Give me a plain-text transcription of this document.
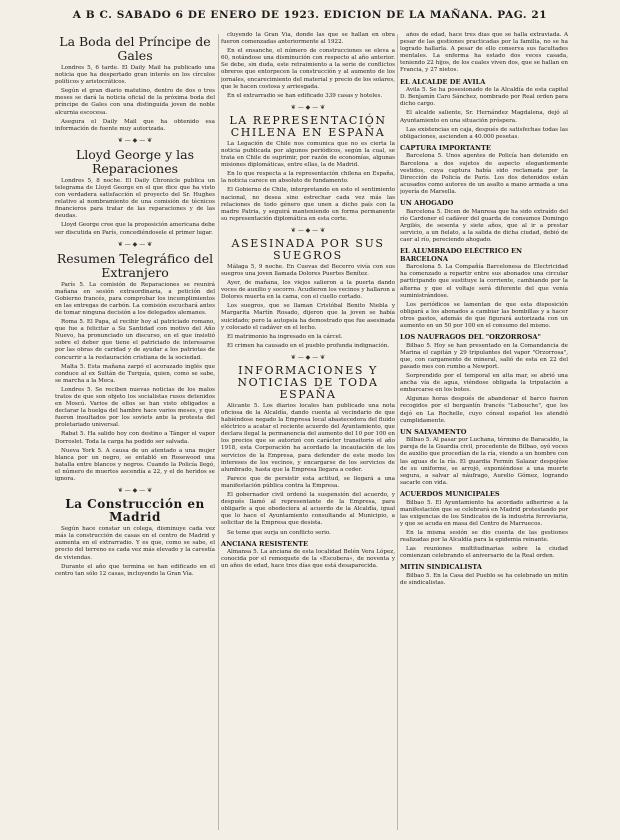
A B C. SABADO 6 DE ENERO DE 1923. EDICION DE LA MAÑANA. PAG. 21
La Boda del Príncipe de Gales

Londres 5, 6 tarde. El Daily Mail ha publicado una noticia que ha despertado gran interés en los círculos políticos y aristocráticos.

Según el gran diario matutino, dentro de dos o tres meses se dará la noticia oficial de la próxima boda del príncipe de Gales con una distinguida joven de noble alcurnia escocesa.

Asegura el Daily Mail que ha obtenido esa información de fuente muy autorizada.

❦ — ◆ — ❦
Lloyd George y las Reparaciones

Londres 5, 8 noche. El Daily Chronicle publica un telegrama de Lloyd George en el que dice que ha visto con verdadera satisfacción el proyecto del Sr. Hughes relativo al nombramiento de una comisión de técnicos financieros para tratar de las reparaciones y de las deudas.

Lloyd George cree que la proposición americana debe ser discutida en París, concediéndosele el primer lugar.

❦ — ◆ — ❦
Resumen Telegráfico del Extranjero

París 5. La comisión de Reparaciones se reunirá mañana en sesión extraordinaria, a petición del Gobierno francés, para comprobar los incumplimientos en las entregas de carbón. La comisión escuchará antes de tomar ninguna decisión a los delegados alemanes.

Roma 5. El Papa, al recibir hoy al patriciado romano, que fue a felicitar a Su Santidad con motivo del Año Nuevo, ha pronunciado un discurso, en el que insistió sobre el deber que tiene el patriciado de interesarse por las obras de caridad y de ayudar a los patriotas de concurrir a la restauración cristiana de la sociedad.

Malta 5. Esta mañana zarpó el acorazado inglés que conduce al ex Sultán de Turquía, quien, como se sabe, se marcha a la Meca.

Londres 5. Se reciben nuevas noticias de los malos tratos de que son objeto los socialistas rusos detenidos en Moscú. Varios de ellos se han visto obligados a declarar la huelga del hambre hace varios meses, y que fueron insultados por los soviets ante la protesta del proletariado universal.

Rabat 5. Ha salido hoy con destino a Tánger el vapor Dorroslet. Toda la carga ha podido ser salvada.

Nueva York 5. A causa de un atentado a una mujer blanca por un negro, se entabló en Rosewood una batalla entre blancos y negros. Cuando la Policía llegó, el número de muertos ascendía a 22, y el de heridos se ignora.

❦ — ◆ — ❦
La Construcción en Madrid

Según hace constar un colega, disminuye cada vez más la construcción de casas en el centro de Madrid y aumenta en el extrarradio. Y es que, como se sabe, el precio del terreno es cada vez más elevado y la carestía de viviendas.

Durante el año que termina se han edificado en el centro tan sólo 12 casas, incluyendo la Gran Vía.

cluyendo la Gran Vía, donde las que se hallan en obra fueron comenzadas anteriormente al 1922.

En el ensanche, el número de construcciones se eleva a 60, notándose una disminución con respecto al año anterior. Se debe, sin duda, este retraimiento a la serie de conflictos obreros que entorpecen la construcción y al aumento de los jornales, encarecimiento del material y precio de los solares, que le hacen costosa y arriesgada.

En el extrarradio se han edificado 339 casas y hoteles.

❦ — ◆ — ❦
LA REPRESENTACIÓN CHILENA EN ESPAÑA

La Legación de Chile nos comunica que no es cierta la noticia publicada por algunos periódicos, según la cual, se trata en Chile de suprimir, por razón de economías, algunas misiones diplomáticas, entre ellas, la de Madrid.

En lo que respecta a la representación chilena en España, la noticia carece en absoluto de fundamento.

El Gobierno de Chile, interpretando en esto el sentimiento nacional, no desea sino estrechar cada vez más las relaciones de todo género que unen a dicho país con la madre Patria, y seguirá manteniendo en forma permanente su representación diplomática en esta corte.

❦ — ◆ — ❦
ASESINADA POR SUS SUEGROS

Málaga 5, 9 noche. En Cuevas del Becerro vivía con sus suegros una joven llamada Dolores Puertes Benítez.

Ayer, de mañana, los viejos salieron a la puerta dando voces de auxilio y socorro. Acudieron los vecinos y hallaron a Dolores muerta en la cama, con el cuello cortado.

Los suegros, que se llaman Cristóbal Benito Niebla y Margarita Martín Rosado, dijeron que la joven se había suicidado; pero la autopsia ha demostrado que fue asesinada y colocado el cadáver en el lecho.

El matrimonio ha ingresado en la cárcel.

El crimen ha causado en el pueblo profunda indignación.

❦ — ◆ — ❦
INFORMACIONES Y NOTICIAS DE TODA ESPAÑA

Alicante 5. Los diarios locales han publicado una nota oficiosa de la Alcaldía, dando cuenta al vecindario de que habiéndose negado la Empresa local abastecedora del fluido eléctrico a acatar el reciente acuerdo del Ayuntamiento, que declara ilegal la permanencia del aumento del 10 por 100 en los precios que se autorizó con carácter transitorio el año 1918, esta Corporación ha acordado la incautación de los servicios de la Empresa, para defender de este modo los intereses de los vecinos, y encargarse de los servicios de alumbrado, hasta que la Empresa llegara a ceder.

Parece que de persistir esta actitud, se llegará a una manifestación pública contra la Empresa.

El gobernador civil ordenó la suspensión del acuerdo, y después llamó al representante de la Empresa, para obligarle a que obedeciera al acuerdo de la Alcaldía, igual que lo hace el Ayuntamiento consultando al Municipio, a solicitar de la Empresa que desista.

Se teme que surja un conflicto serio.

ANCIANA RESISTENTE

Almansa 5. La anciana de esta localidad Belén Vera López, conocida por el remoquete de la «Escobera», de noventa y un años de edad, hace tres días que está desaparecida.

años de edad, hace tres días que se halla extraviada. A pesar de las gestiones practicadas por la familia, no se ha logrado hallarla. A pesar de ello conserva sus facultades mentales. La enferma ha estado dos veces casada, teniendo 22 hijos, de los cuales viven dos, que se hallan en Francia, y 27 nietos.

EL ALCALDE DE AVILA

Avila 5. Se ha posesionado de la Alcaldía de esta capital D. Benjamín Caro Sánchez, nombrado por Real orden para dicho cargo.

El alcalde saliente, Sr. Hernández Magdalena, dejó al Ayuntamiento en una situación próspera.

Las existencias en caja, después de satisfechas todas las obligaciones, ascienden a 40.000 pesetas.

CAPTURA IMPORTANTE

Barcelona 5. Unos agentes de Policía han detenido en Barcelona a dos sujetos de aspecto elegantemente vestidos, cuya captura había sido reclamada por la Dirección de Policía de París. Los dos detenidos están acusados como autores de un asalto a mano armada a una joyería de Marsella.

UN AHOGADO

Barcelona 5. Dicen de Manresa que ha sido extraído del río Cardoner el cadáver del guarda de consumos Domingo Argilés, de sesenta y siete años, que al ir a prestar servicio, a un fielato, a la salida de dicha ciudad, debió de caer al río, pereciendo ahogado.

EL ALUMBRADO ELÉCTRICO EN BARCELONA

Barcelona 5. La Compañía Barcelonesa de Electricidad ha comenzado a repartir entre sus abonados una circular participando que sustituye la corriente, cambiando por la alterna y que el voltaje será diferente del que venía suministrándose.

Los periódicos se lamentan de que esta disposición obligará a los abonados a cambiar las bombillas y a hacer otros gastos, además de que figurará autorizada con un aumento en un 50 por 100 en el consumo del mismo.

LOS NAUFRAGOS DEL "ORZORROSA"

Bilbao 5. Hoy se han presentado en la Comandancia de Marina el capitán y 29 tripulantes del vapor "Orzorrosa", que, con cargamento de mineral, salió de esta en 22 del pasado mes con rumbo a Newport.

Sorprendido por el temporal en alta mar, se abrió una ancha vía de agua, viéndose obligada la tripulación a embarcarse en los botes.

Algunas horas después de abandonar el barco fueron recogidos por el bergantín francés "Lebouche", que los dejó en La Rochelle, cuyo cónsul español les atendió cumplidamente.

UN SALVAMENTO

Bilbao 5. Al pasar por Luchana, término de Baracaldo, la pareja de la Guardia civil, procedente de Bilbao, oyó voces de auxilio que procedían de la ría, viendo a un hombre con las aguas de la ría. El guardia Fermín Salazar despojóse de su uniforme, se arrojó, exponiéndose a una muerte segura, a salvar al náufrago, Aurelio Gómez, logrando sacarle con vida.

ACUERDOS MUNICIPALES

Bilbao 5. El Ayuntamiento ha acordado adherirse a la manifestación que se celebrará en Madrid protestando por las exigencias de los Sindicatos de la industria ferroviaria, y que se acuda en masa del Centro de Marruecos.

En la misma sesión se dio cuenta de las gestiones realizadas por la Alcaldía para la epidemia reinante.

Las reuniones multitudinarias sobre la ciudad comienzan celebrando el aniversario de la Real orden.

MITIN SINDICALISTA

Bilbao 5. En la Casa del Pueblo se ha celebrado un mitin de sindicalistas.
